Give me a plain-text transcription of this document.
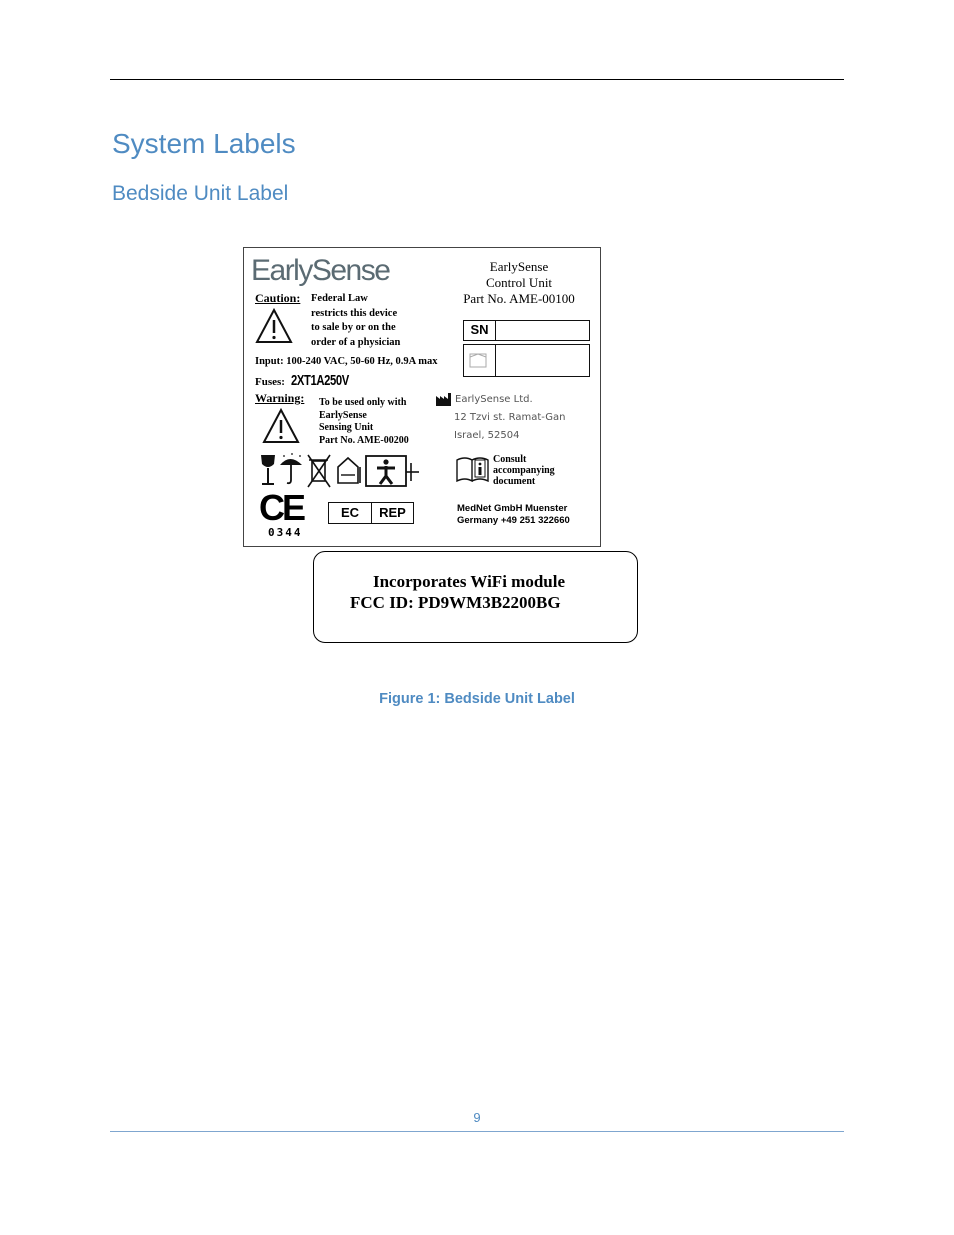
System Labels
Bedside Unit Label
EarlySense	EarlySense
Control Unit
Part No. AME-00100
Caution: Federal Law
restricts this device
to sale by or on the
order of a physician
SN
Input: 100-240 VAC, 50-60 Hz, 0.9A max
Fuses: 2XT1A250V
Warning: To be used only with
EarlySense
Sensing Unit
Part No. AME-00200
EarlySense Ltd.
12 Tzvi st. Ramat-Gan
Israel, 52504
Consult
accompanying
document
CE
0344
EC	REP	MedNet GmbH Muenster
Germany +49 251 322660
Incorporates WiFi module
FCC ID: PD9WM3B2200BG
Figure 1: Bedside Unit Label
9
